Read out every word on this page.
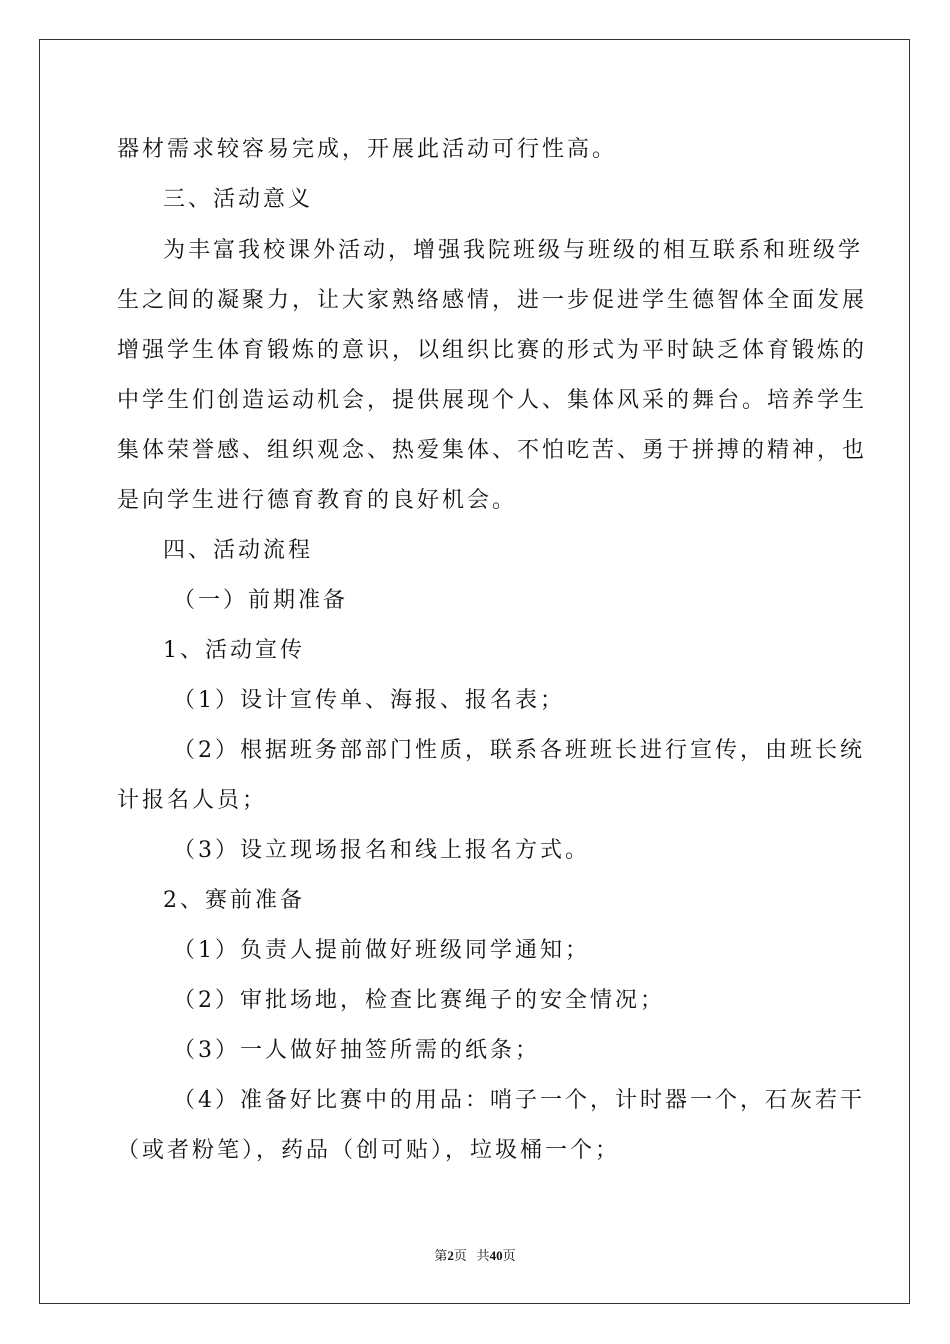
器材需求较容易完成，开展此活动可行性高。
三、活动意义
为丰富我校课外活动，增强我院班级与班级的相互联系和班级学
生之间的凝聚力，让大家熟络感情，进一步促进学生德智体全面发展
增强学生体育锻炼的意识，以组织比赛的形式为平时缺乏体育锻炼的
中学生们创造运动机会，提供展现个人、集体风采的舞台。培养学生
集体荣誉感、组织观念、热爱集体、不怕吃苦、勇于拼搏的精神，也
是向学生进行德育教育的良好机会。
四、活动流程
（一）前期准备
1、活动宣传
（1）设计宣传单、海报、报名表；
（2）根据班务部部门性质，联系各班班长进行宣传，由班长统
计报名人员；
（3）设立现场报名和线上报名方式。
2、赛前准备
（1）负责人提前做好班级同学通知；
（2）审批场地，检查比赛绳子的安全情况；
（3）一人做好抽签所需的纸条；
（4）准备好比赛中的用品：哨子一个，计时器一个，石灰若干
（或者粉笔），药品（创可贴），垃圾桶一个；
第2页 共40页
